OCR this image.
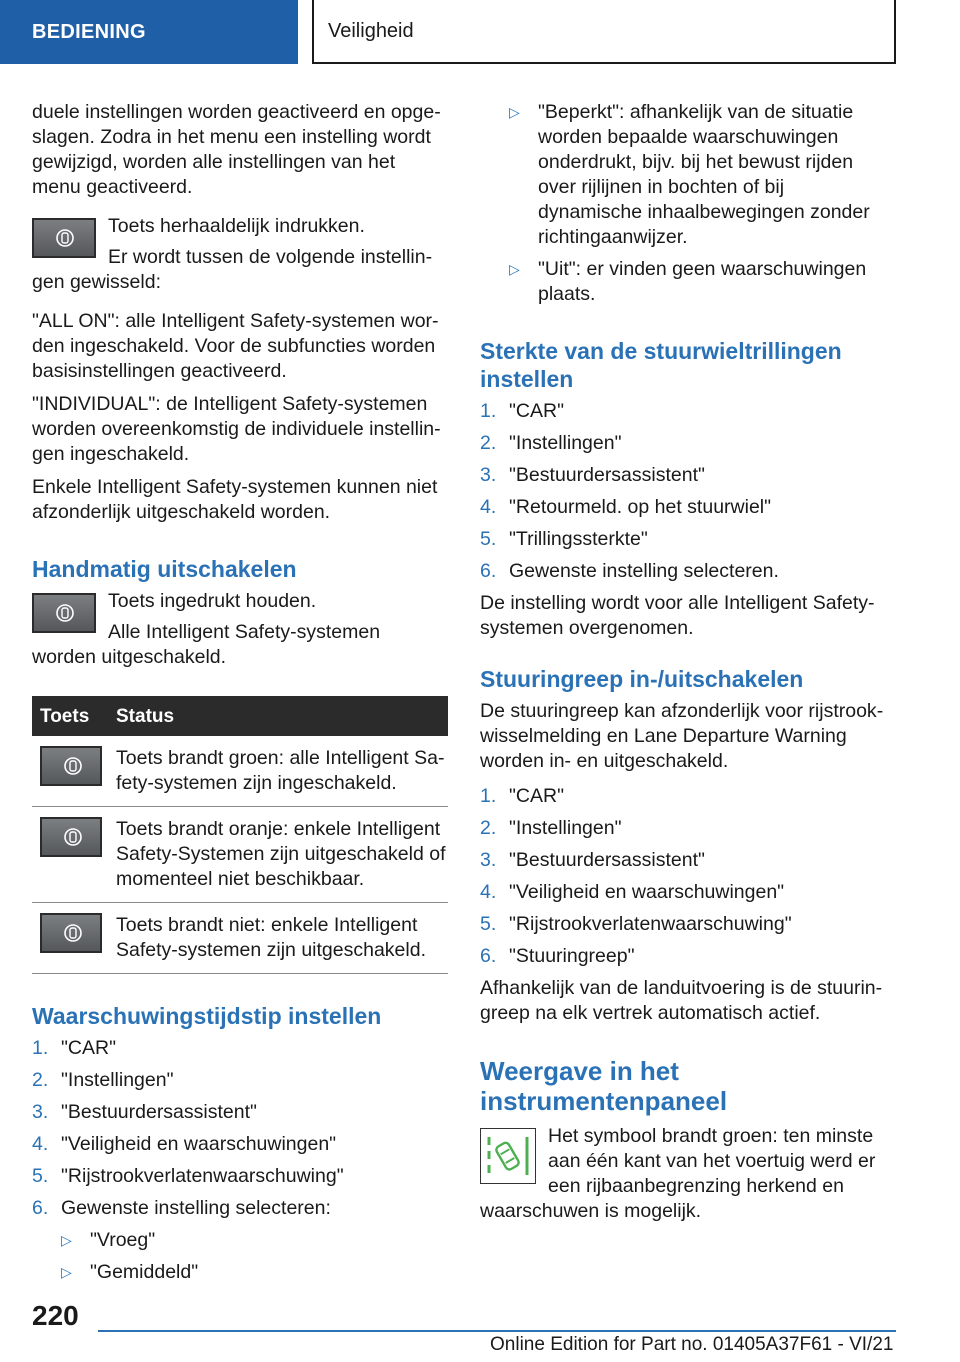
BEDIENING	Veiligheid

duele instellingen worden geactiveerd en opgeslagen. Zodra in het menu een instelling wordt gewijzigd, worden alle instellingen van het menu geactiveerd.

Toets herhaaldelijk indrukken.

Er wordt tussen de volgende instellingen gewisseld:

"ALL ON": alle Intelligent Safety-systemen worden ingeschakeld. Voor de subfuncties worden basisinstellingen geactiveerd.

"INDIVIDUAL": de Intelligent Safety-systemen worden overeenkomstig de individuele instellingen ingeschakeld.

Enkele Intelligent Safety-systemen kunnen niet afzonderlijk uitgeschakeld worden.

Handmatig uitschakelen

Toets ingedrukt houden.

Alle Intelligent Safety-systemen worden uitgeschakeld.

Toets	Status
Toets brandt groen: alle Intelligent Safety-systemen zijn ingeschakeld.
Toets brandt oranje: enkele Intelligent Safety-Systemen zijn uitgeschakeld of momenteel niet beschikbaar.
Toets brandt niet: enkele Intelligent Safety-systemen zijn uitgeschakeld.
Waarschuwingstijdstip instellen
1. "CAR"
2. "Instellingen"
3. "Bestuurdersassistent"
4. "Veiligheid en waarschuwingen"
5. "Rijstrookverlatenwaarschuwing"
6. Gewenste instelling selecteren:
▷ "Vroeg"
▷ "Gemiddeld"
▷ "Beperkt": afhankelijk van de situatie worden bepaalde waarschuwingen onderdrukt, bijv. bij het bewust rijden over rijlijnen in bochten of bij dynamische inhaalbewegingen zonder richtingaanwijzer.
▷ "Uit": er vinden geen waarschuwingen plaats.
Sterkte van de stuurwieltrillingen instellen
1. "CAR"
2. "Instellingen"
3. "Bestuurdersassistent"
4. "Retourmeld. op het stuurwiel"
5. "Trillingssterkte"
6. Gewenste instelling selecteren.

De instelling wordt voor alle Intelligent Safety-systemen overgenomen.

Stuuringreep in-/uitschakelen

De stuuringreep kan afzonderlijk voor rijstrookwisselmelding en Lane Departure Warning worden in- en uitgeschakeld.

1. "CAR"
2. "Instellingen"
3. "Bestuurdersassistent"
4. "Veiligheid en waarschuwingen"
5. "Rijstrookverlatenwaarschuwing"
6. "Stuuringreep"

Afhankelijk van de landuitvoering is de stuuringreep na elk vertrek automatisch actief.

Weergave in het instrumentenpaneel

Het symbool brandt groen: ten minste aan één kant van het voertuig werd er een rijbaanbegrenzing herkend en waarschuwen is mogelijk.

220
Online Edition for Part no. 01405A37F61 - VI/21
